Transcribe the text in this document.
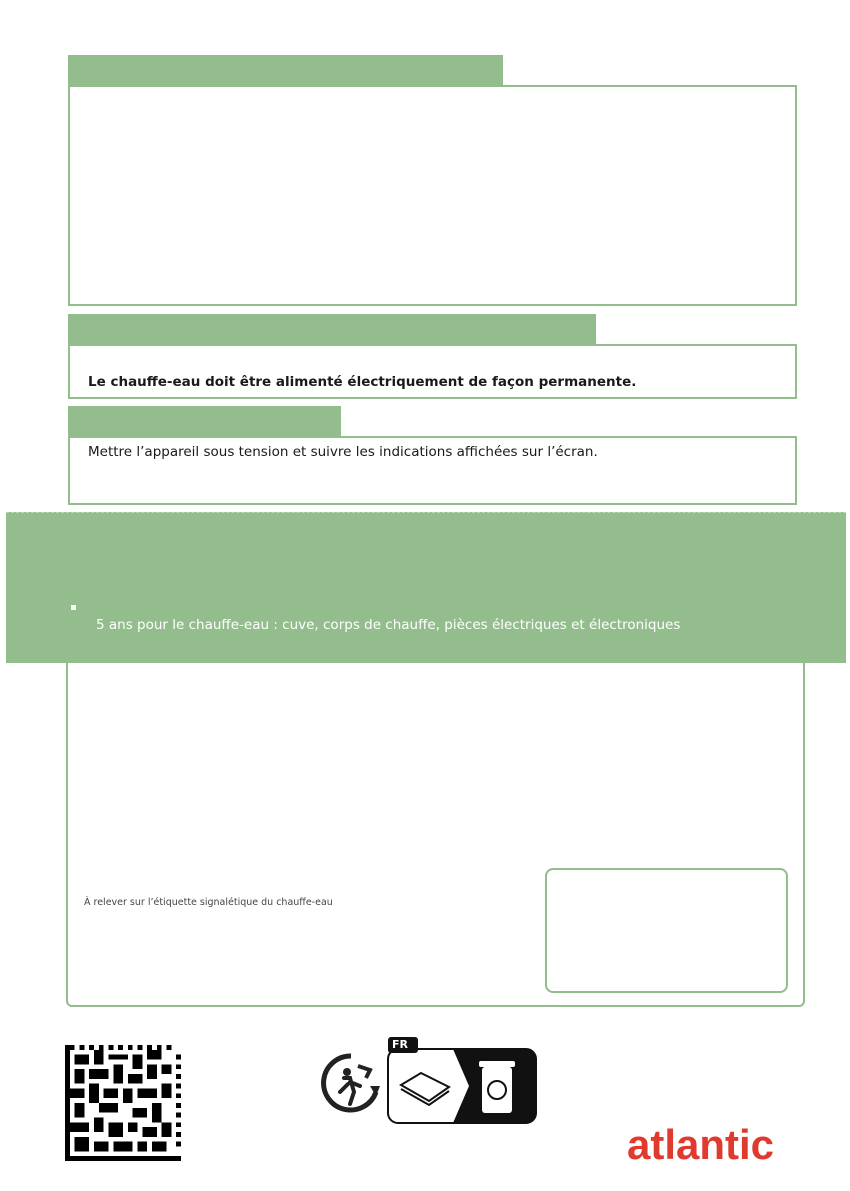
Le chauffe-eau doit être alimenté électriquement de façon permanente.
Mettre l’appareil sous tension et suivre les indications affichées sur l’écran.
5 ans pour le chauffe-eau : cuve, corps de chauffe, pièces électriques et électroniques
À relever sur l’étiquette signalétique du chauffe-eau
FR
atlantic
